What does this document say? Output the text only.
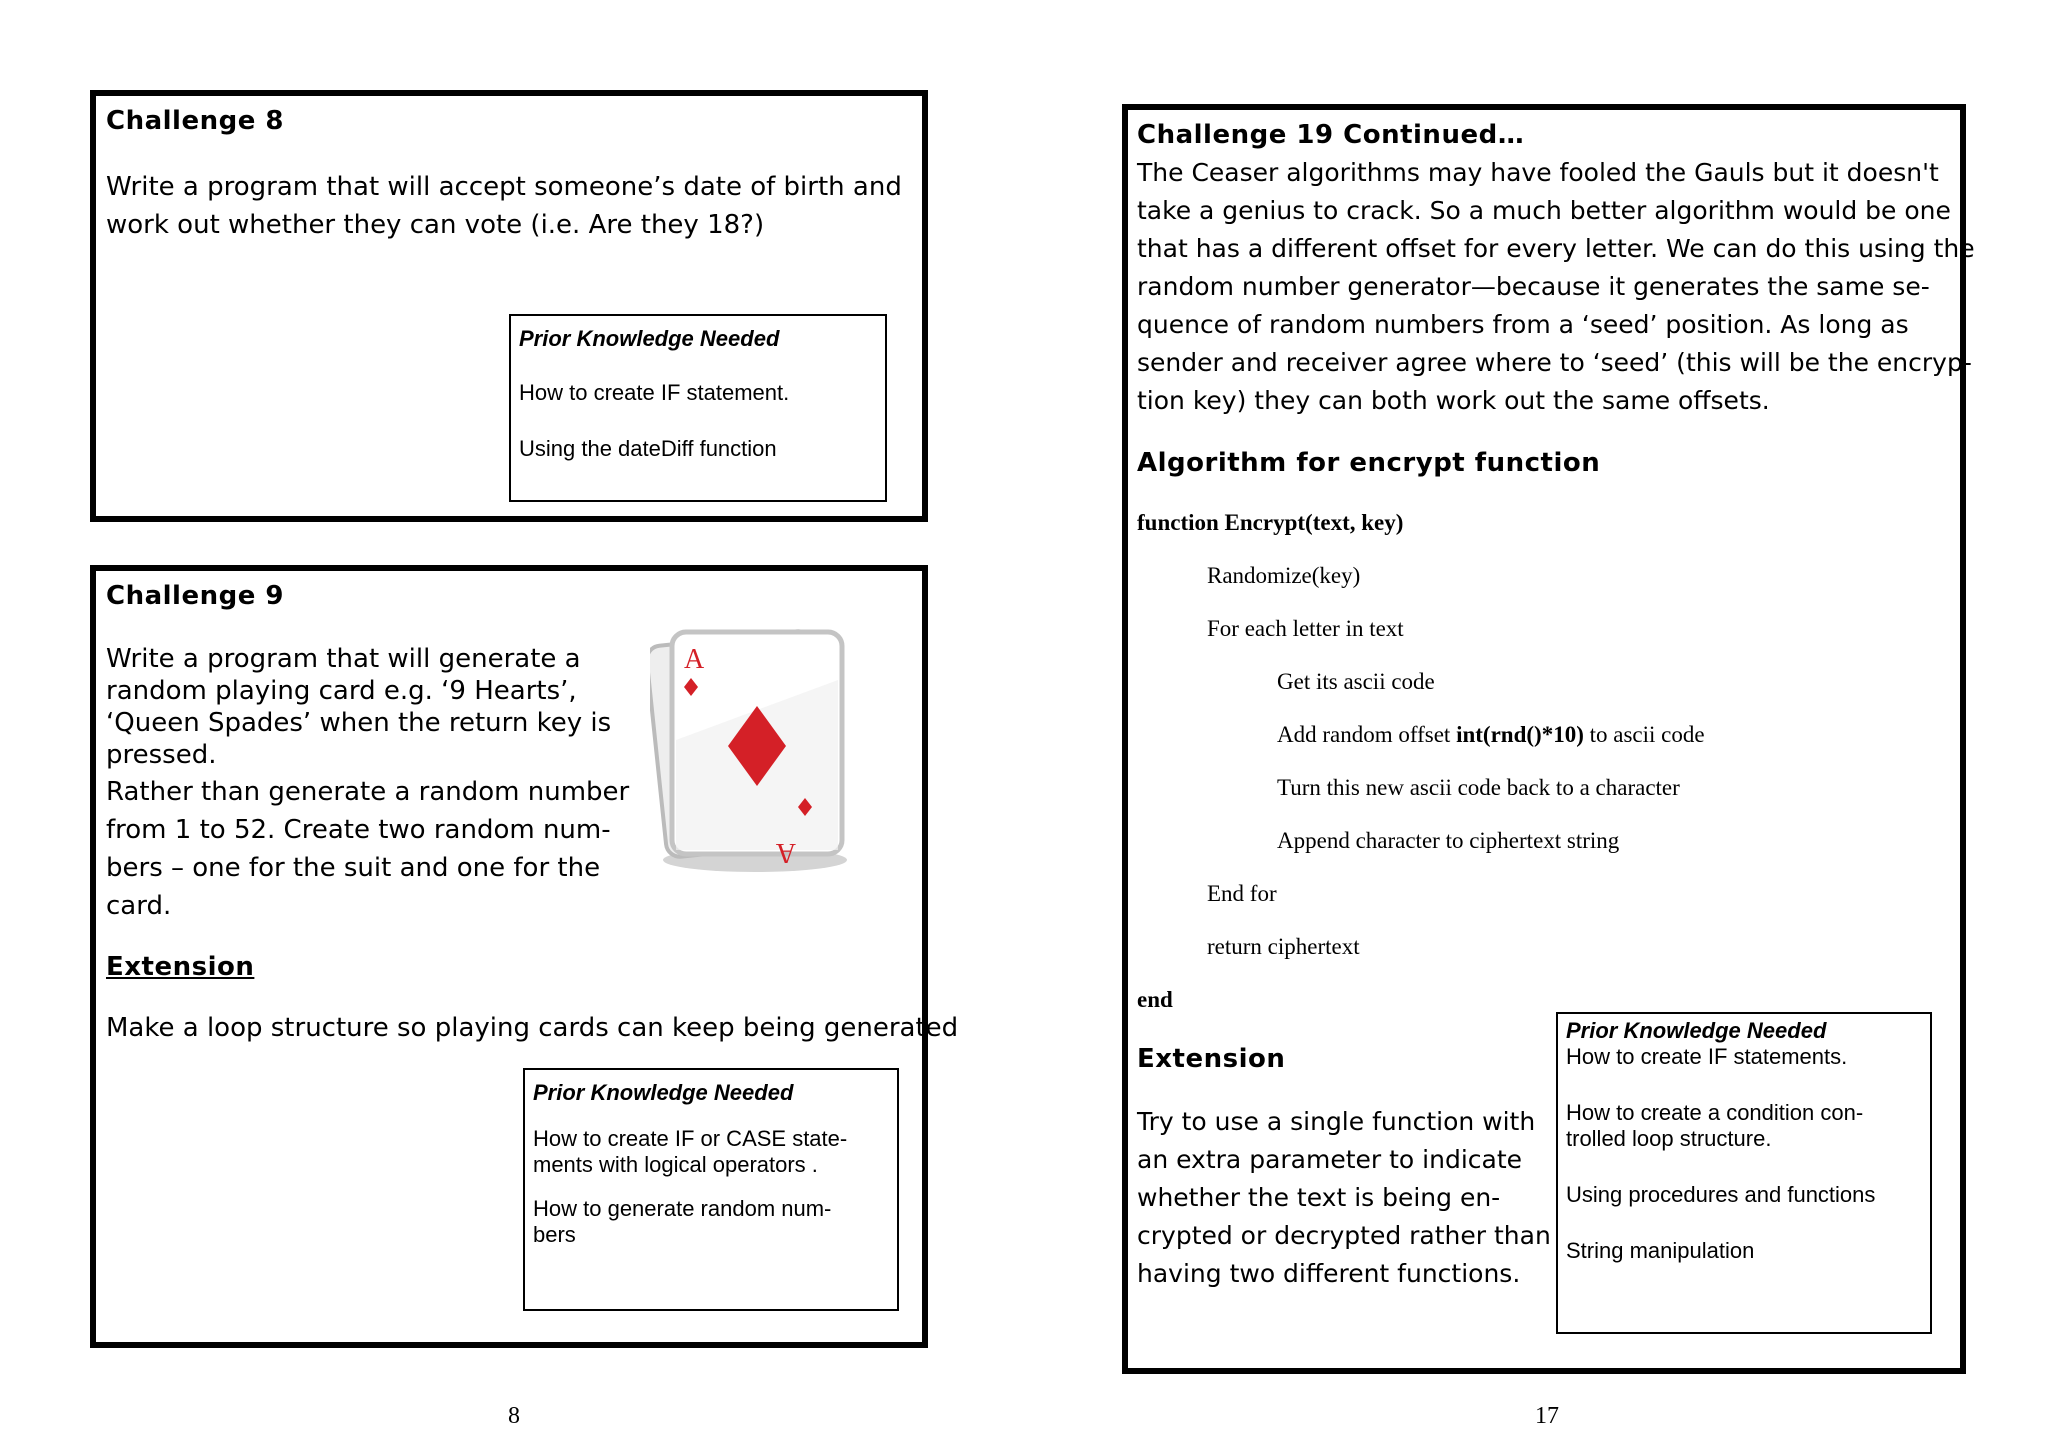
Challenge 8
Write a program that will accept someone’s date of birth and
work out whether they can vote (i.e. Are they 18?)

Prior Knowledge Needed

How to create IF statement.

Using the dateDiff function

Challenge 9
Write a program that will generate a
random playing card e.g. ‘9 Hearts’,
‘Queen Spades’ when the return key is
pressed.
Rather than generate a random number
from 1 to 52. Create two random num-
bers – one for the suit and one for the
card.
A
A
Extension
Make a loop structure so playing cards can keep being generated

Prior Knowledge Needed

How to create IF or CASE state-

ments with logical operators .

How to generate random num-

bers

8
Challenge 19 Continued…
The Ceaser algorithms may have fooled the Gauls but it doesn't
take a genius to crack. So a much better algorithm would be one
that has a different offset for every letter. We can do this using the
random number generator—because it generates the same se-
quence of random numbers from a ‘seed’ position. As long as
sender and receiver agree where to ‘seed’ (this will be the encryp-
tion key) they can both work out the same offsets.
Algorithm for encrypt function
function Encrypt(text, key)
Randomize(key)
For each letter in text
Get its ascii code
Add random offset int(rnd()*10) to ascii code
Turn this new ascii code back to a character
Append character to ciphertext string
End for
return ciphertext
end
Extension
Try to use a single function with
an extra parameter to indicate
whether the text is being en-
crypted or decrypted rather than
having two different functions.

Prior Knowledge Needed

How to create IF statements.

How to create a condition con-

trolled loop structure.

Using procedures and functions

String manipulation

17
